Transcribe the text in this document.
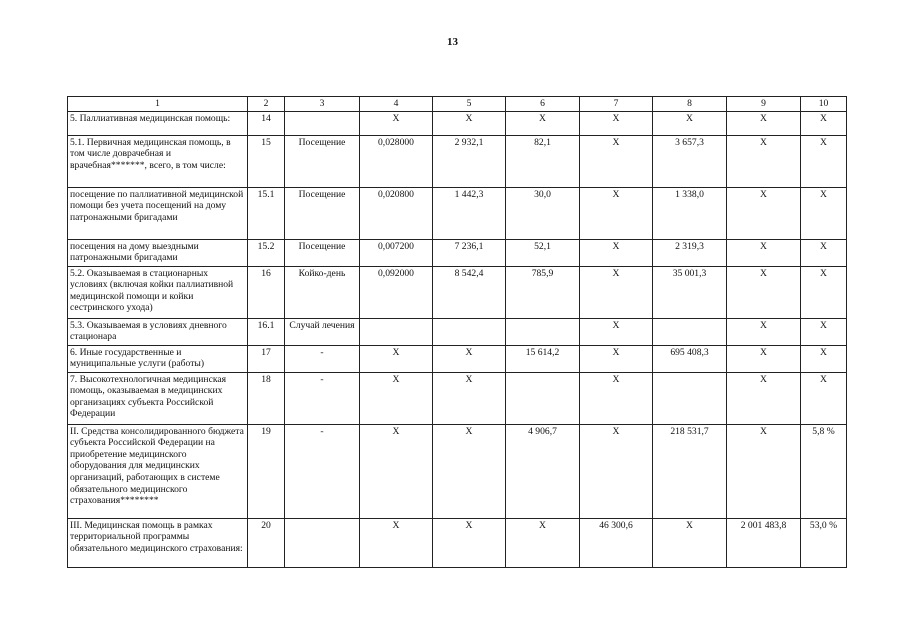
13
1	2	3	4	5	6	7	8	9	10
5. Паллиативная медицинская помощь:	14		X	X	X	X	X	X	X
5.1. Первичная медицинская помощь, в том числе доврачебная и врачебная*******, всего, в том числе:	15	Посещение	0,028000	2 932,1	82,1	X	3 657,3	X	X
посещение по паллиативной медицинской помощи без учета посещений на дому патронажными бригадами	15.1	Посещение	0,020800	1 442,3	30,0	X	1 338,0	X	X
посещения на дому выездными патронажными бригадами	15.2	Посещение	0,007200	7 236,1	52,1	X	2 319,3	X	X
5.2. Оказываемая в стационарных условиях (включая койки паллиативной медицинской помощи и койки сестринского ухода)	16	Койко-день	0,092000	8 542,4	785,9	X	35 001,3	X	X
5.3. Оказываемая в условиях дневного стационара	16.1	Случай лечения				X		X	X
6. Иные государственные и муниципальные услуги (работы)	17	-	X	X	15 614,2	X	695 408,3	X	X
7. Высокотехнологичная медицинская помощь, оказываемая в медицинских организациях субъекта Российской Федерации	18	-	X	X		X		X	X
II. Средства консолидированного бюджета субъекта Российской Федерации на приобретение медицинского оборудования для медицинских организаций, работающих в системе обязательного медицинского страхования********	19	-	X	X	4 906,7	X	218 531,7	X	5,8 %
III. Медицинская помощь в рамках территориальной программы обязательного медицинского страхования:	20		X	X	X	46 300,6	X	2 001 483,8	53,0 %
